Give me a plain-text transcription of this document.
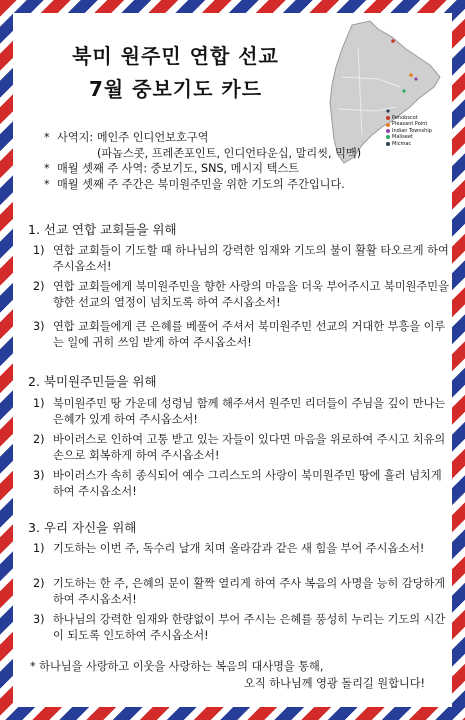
북미 원주민 연합 선교
7월 중보기도 카드
Penobscot
Pleasant Point
Indian Township
Maliseet
Micmac
* 사역지: 메인주 인디언보호구역
(파놉스콧, 프레존포인트, 인디언타운십, 말리씻, 믹맥)
* 매월 셋째 주 사역: 중보기도, SNS, 메시지 텍스트
* 매월 셋째 주 주간은 북미원주민을 위한 기도의 주간입니다.
1. 선교 연합 교회들을 위해
1) 연합 교회들이 기도할 때 하나님의 강력한 임재와 기도의 불이 활활 타오르게 하여 주시옵소서!
2) 연합 교회들에게 북미원주민을 향한 사랑의 마음을 더욱 부어주시고 북미원주민을 향한 선교의 열정이 넘치도록 하여 주시옵소서!
3) 연합 교회들에게 큰 은혜를 베풀어 주셔서 북미원주민 선교의 거대한 부흥을 이루는 일에 귀히 쓰임 받게 하여 주시옵소서!
2. 북미원주민들을 위해
1) 북미원주민 땅 가운데 성령님 함께 해주셔서 원주민 리더들이 주님을 깊이 만나는 은혜가 있게 하여 주시옵소서!
2) 바이러스로 인하여 고통 받고 있는 자들이 있다면 마음을 위로하여 주시고 치유의 손으로 회복하게 하여 주시옵소서!
3) 바이러스가 속히 종식되어 예수 그리스도의 사랑이 북미원주민 땅에 흘러 넘치게 하여 주시옵소서!
3. 우리 자신을 위해
1) 기도하는 이번 주, 독수리 날개 치며 올라감과 같은 새 힘을 부어 주시옵소서!
2) 기도하는 한 주, 은혜의 문이 활짝 열리게 하여 주사 복음의 사명을 능히 감당하게 하여 주시옵소서!
3) 하나님의 강력한 임재와 한량없이 부어 주시는 은혜를 풍성히 누리는 기도의 시간이 되도록 인도하여 주시옵소서!
* 하나님을 사랑하고 이웃을 사랑하는 복음의 대사명을 통해,
오직 하나님께 영광 돌리길 원합니다!
